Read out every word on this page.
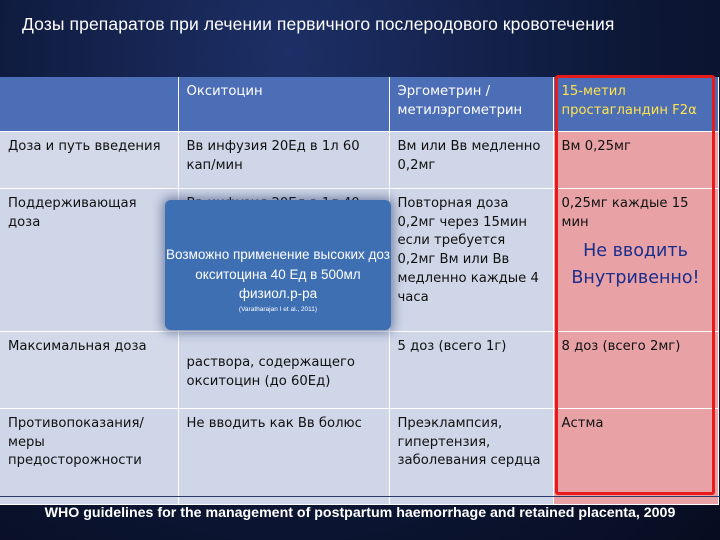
Дозы препаратов при лечении первичного послеродового кровотечения
	Окситоцин	Эргометрин /метилэргометрин	15-метил простагландин F2α
Доза и путь введения	Вв инфузия 20Ед в 1л 60 кап/мин	Вм или Вв медленно 0,2мг	Вм 0,25мг
Поддерживающая доза		Повторная доза 0,2мг через 15мин если требуется 0,2мг Вм или Вв медленно каждые 4 часа	0,25мг каждые 15 мин
Не вводить Внутривенно!

Максимальная доза	раствора, содержащего окситоцин (до 60Ед)	5 доз (всего 1г)	8 доз (всего 2мг)
Противопоказания/ меры предосторожности	Не вводить как Вв болюс	Преэклампсия, гипертензия, заболевания сердца	Астма
Возможно применение высоких доз окситоцина 40 Ед в 500мл физиол.р-ра
(Varatharajan I et al., 2011)
WHO guidelines for the management of postpartum haemorrhage and retained placenta, 2009
